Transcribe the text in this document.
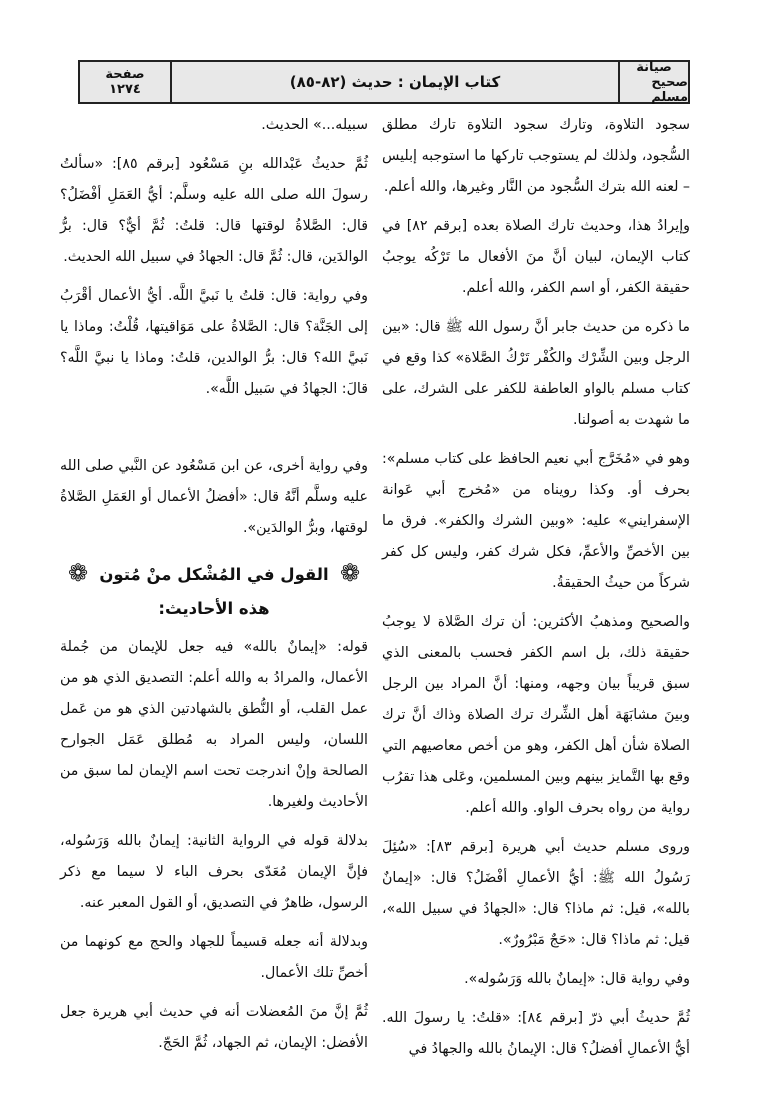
صيانة
صحيح مسلم
كتاب الإيمان : حديث (٨٢-٨٥)
صفحة
١٢٧٤

سجود التلاوة، وتارك سجود التلاوة تارك مطلق السُّجود، ولذلك لم يستوجب تاركها ما استوجبه إبليس – لعنه الله بترك السُّجود من النَّار وغيرها، والله أعلم.

وإيرادُ هذا، وحديث تارك الصلاة بعده [برقم ٨٢] في كتاب الإيمان، لبيان أنَّ منَ الأفعال ما تَرْكُه يوجبُ حقيقة الكفر، أو اسم الكفر، والله أعلم.

ما ذكره من حديث جابر أنَّ رسول الله ﷺ قال: «بين الرجل وبين الشِّرْك والكُفْر تَرْكُ الصَّلاة» كذا وقع في كتاب مسلم بالواو العاطفة للكفر على الشرك، على ما شهدت به أصولنا.

وهو في «مُخَرَّج أبي نعيم الحافظ على كتاب مسلم»: بحرف أو. وكذا رويناه من «مُخرج أبي عَوانة الإسفرايني» عليه: «وبين الشرك والكفر». فرق ما بين الأخصِّ والأعمِّ، فكل شرك كفر، وليس كل كفر شركاً من حيثُ الحقيقةُ.

والصحيح ومذهبُ الأكثرين: أن ترك الصَّلاة لا يوجبُ حقيقة ذلك، بل اسم الكفر فحسب بالمعنى الذي سبق قريباً بيان وجهه، ومنها: أنَّ المراد بين الرجل وبينَ مشابَهَة أهل الشِّرك ترك الصلاة وذاك أنَّ ترك الصلاة شأن أهل الكفر، وهو من أخص معاصيهم التي وقع بها التَّمايز بينهم وبين المسلمين، وعَلى هذا تقرُب رواية من رواه بحرف الواو. والله أعلم.

وروى مسلم حديث أبي هريرة [برقم ٨٣]: «سُئِلَ رَسُولُ الله ﷺ: أيُّ الأعمالِ أفْضَلُ؟ قال: «إيمانٌ بالله»، قيل: ثم ماذا؟ قال: «الجهادُ في سبيل الله»، قيل: ثم ماذا؟ قال: «حَجٌ مَبْرُورٌ».

وفي رواية قال: «إيمانٌ بالله وَرَسُوله».

ثُمَّ حديثُ أبي ذرّ [برقم ٨٤]: «قلتُ: يا رسولَ الله. أيُّ الأعمالِ أفضلُ؟ قال: الإيمانُ بالله والجهادُ في

سبيله...» الحديث.

ثُمَّ حديثُ عَبْدالله بنِ مَسْعُود [برقم ٨٥]: «سألتُ رسولَ الله صلى الله عليه وسلَّم: أيُّ العَمَلِ أفْضَلُ؟ قال: الصَّلاةُ لوقتها قال: قلتُ: ثُمَّ أيٌّ؟ قال: برُّ الوالدَين، قال: ثُمَّ قال: الجهادُ في سبيل الله الحديث.

وفي رواية: قال: قلتُ يا نَبيَّ اللَّه. أيُّ الأعمال أقْرَبُ إلى الجَنَّة؟ قال: الصَّلاةُ على مَوَاقيتها، قُلْتُ: وماذا يا نَبيَّ الله؟ قال: برُّ الوالدين، قلتُ: وماذا يا نبيَّ اللَّه؟ قالَ: الجهادُ في سَبيل اللَّه».

وفي رواية أخرى، عن ابن مَسْعُود عن النَّبي صلى الله عليه وسلَّم أنَّهُ قال: «أفضلُ الأعمال أو العَمَلِ الصَّلاةُ لوقتها، وبرُّ الوالدَين».

❁
القول في المُشْكل منْ مُتون هذه الأحاديث:
❁

قوله: «إيمانٌ بالله» فيه جعل للإيمان من جُملة الأعمال، والمرادُ به والله أعلم: التصديق الذي هو من عمل القلب، أو النُّطق بالشهادتين الذي هو من عَمل اللسان، وليس المراد به مُطلق عَمَل الجوارح الصالحة وإنْ اندرجت تحت اسم الإيمان لما سبق من الأحاديث ولغيرها.

بدلالة قوله في الرواية الثانية: إيمانٌ بالله وَرَسُوله، فإنَّ الإيمان مُعَدّى بحرف الباء لا سيما مع ذكر الرسول، ظاهرٌ في التصديق، أو القول المعبر عنه.

وبدلالة أنه جعله قسيماً للجهاد والحج مع كونهما من أخصِّ تلك الأعمال.

ثُمَّ إنَّ منَ المُعضلات أنه في حديث أبي هريرة جعل الأفضل: الإيمان، ثم الجهاد، ثُمَّ الحَجّ.
